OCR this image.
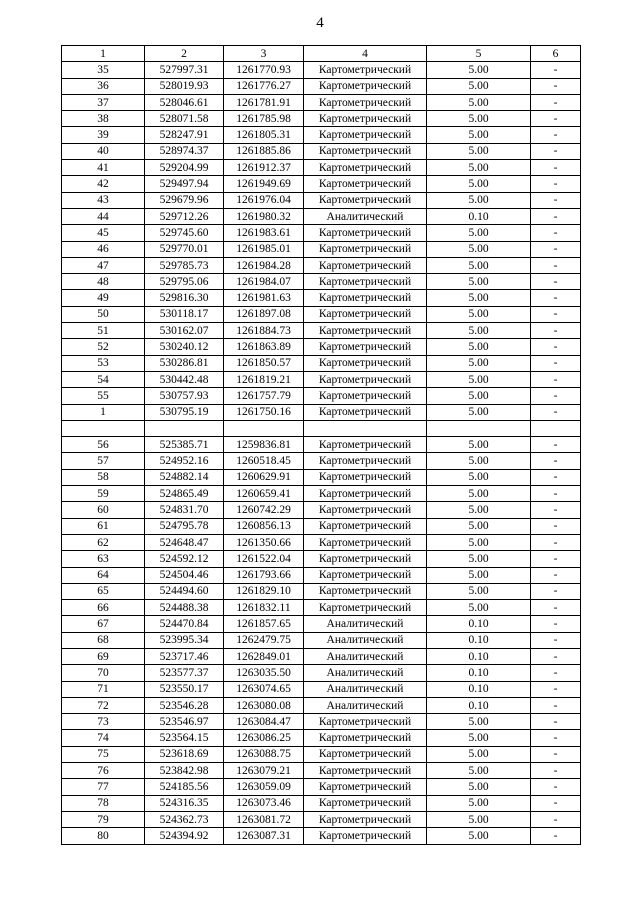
4
1	2	3	4	5	6
35	527997.31	1261770.93	Картометрический	5.00	-
36	528019.93	1261776.27	Картометрический	5.00	-
37	528046.61	1261781.91	Картометрический	5.00	-
38	528071.58	1261785.98	Картометрический	5.00	-
39	528247.91	1261805.31	Картометрический	5.00	-
40	528974.37	1261885.86	Картометрический	5.00	-
41	529204.99	1261912.37	Картометрический	5.00	-
42	529497.94	1261949.69	Картометрический	5.00	-
43	529679.96	1261976.04	Картометрический	5.00	-
44	529712.26	1261980.32	Аналитический	0.10	-
45	529745.60	1261983.61	Картометрический	5.00	-
46	529770.01	1261985.01	Картометрический	5.00	-
47	529785.73	1261984.28	Картометрический	5.00	-
48	529795.06	1261984.07	Картометрический	5.00	-
49	529816.30	1261981.63	Картометрический	5.00	-
50	530118.17	1261897.08	Картометрический	5.00	-
51	530162.07	1261884.73	Картометрический	5.00	-
52	530240.12	1261863.89	Картометрический	5.00	-
53	530286.81	1261850.57	Картометрический	5.00	-
54	530442.48	1261819.21	Картометрический	5.00	-
55	530757.93	1261757.79	Картометрический	5.00	-
1	530795.19	1261750.16	Картометрический	5.00	-

56	525385.71	1259836.81	Картометрический	5.00	-
57	524952.16	1260518.45	Картометрический	5.00	-
58	524882.14	1260629.91	Картометрический	5.00	-
59	524865.49	1260659.41	Картометрический	5.00	-
60	524831.70	1260742.29	Картометрический	5.00	-
61	524795.78	1260856.13	Картометрический	5.00	-
62	524648.47	1261350.66	Картометрический	5.00	-
63	524592.12	1261522.04	Картометрический	5.00	-
64	524504.46	1261793.66	Картометрический	5.00	-
65	524494.60	1261829.10	Картометрический	5.00	-
66	524488.38	1261832.11	Картометрический	5.00	-
67	524470.84	1261857.65	Аналитический	0.10	-
68	523995.34	1262479.75	Аналитический	0.10	-
69	523717.46	1262849.01	Аналитический	0.10	-
70	523577.37	1263035.50	Аналитический	0.10	-
71	523550.17	1263074.65	Аналитический	0.10	-
72	523546.28	1263080.08	Аналитический	0.10	-
73	523546.97	1263084.47	Картометрический	5.00	-
74	523564.15	1263086.25	Картометрический	5.00	-
75	523618.69	1263088.75	Картометрический	5.00	-
76	523842.98	1263079.21	Картометрический	5.00	-
77	524185.56	1263059.09	Картометрический	5.00	-
78	524316.35	1263073.46	Картометрический	5.00	-
79	524362.73	1263081.72	Картометрический	5.00	-
80	524394.92	1263087.31	Картометрический	5.00	-
